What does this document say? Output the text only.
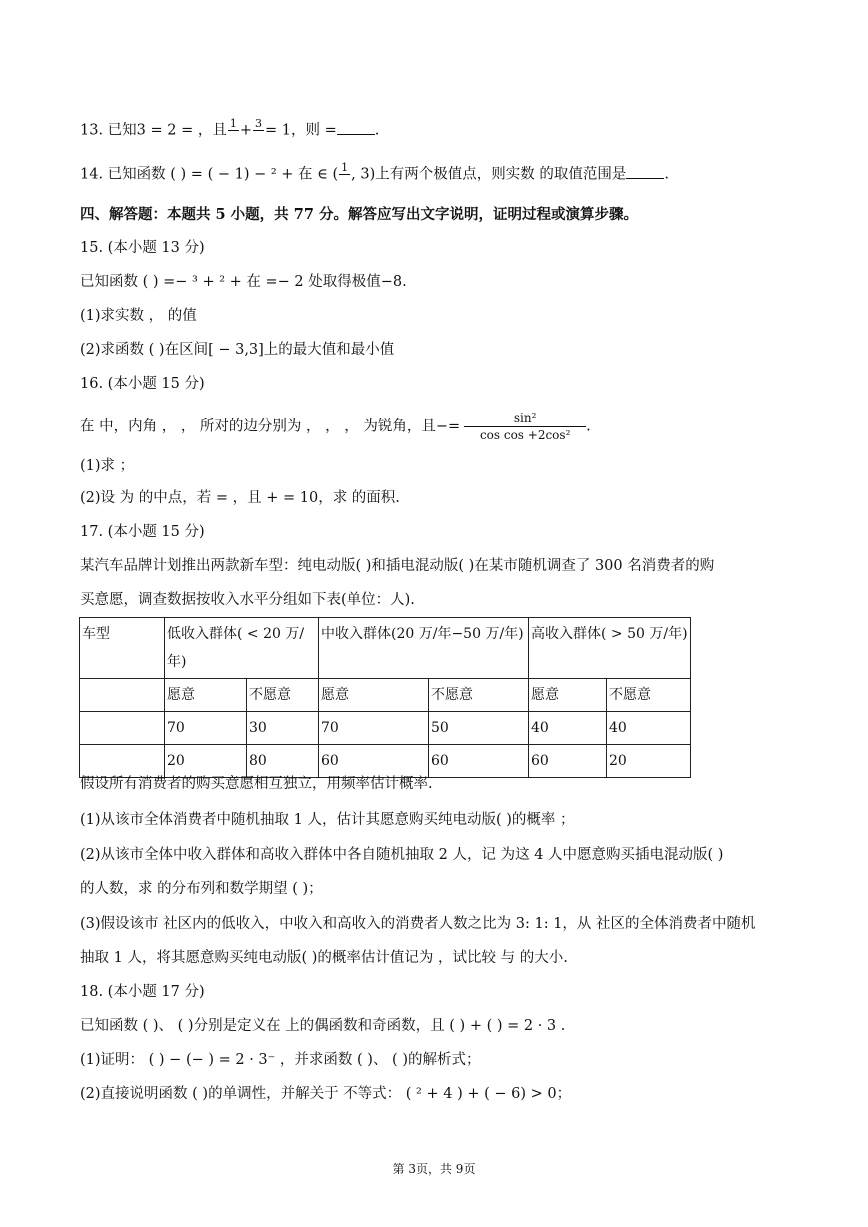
13. 已知3 = 2 = ，且 1
+ 3
= 1，则 =	.
14. 已知函数 ( ) = ( − 1) − ² + 在 ∈ ( 1
, 3)上有两个极值点，则实数 的取值范围是	.
四、解答题：本题共 5 小题，共 77 分。解答应写出文字说明，证明过程或演算步骤。
15. (本小题 13 分)
已知函数 ( ) =− ³ + ² + 在 =− 2 处取得极值−8.
(1)求实数 ， 的值
(2)求函数 ( )在区间[ − 3,3]上的最大值和最小值
16. (本小题 15 分)
在 中，内角 ， ， 所对的边分别为 ， ， ， 为锐角，且−= $\frac{\text{sin²}}{\text{cos cos +2cos²}}$ .
(1)求 ；
(2)设 为 的中点，若 = ，且 + = 10，求 的面积.
17. (本小题 15 分)
某汽车品牌计划推出两款新车型：纯电动版( )和插电混动版( )在某市随机调查了 300 名消费者的购
买意愿，调查数据按收入水平分组如下表(单位：人).
车型	低收入群体( < 20 万/年)		中收入群体(20 万/年−50 万/年)		高收入群体( > 50 万/年)	
	愿意	不愿意	愿意	不愿意	愿意	不愿意
	70	30	70	50	40	40
	20	80	60	60	60	20
假设所有消费者的购买意愿相互独立，用频率估计概率.
(1)从该市全体消费者中随机抽取 1 人，估计其愿意购买纯电动版( )的概率 ；
(2)从该市全体中收入群体和高收入群体中各自随机抽取 2 人，记 为这 4 人中愿意购买插电混动版( )
的人数，求 的分布列和数学期望 ( )；
(3)假设该市 社区内的低收入，中收入和高收入的消费者人数之比为 3: 1: 1，从 社区的全体消费者中随机
抽取 1 人，将其愿意购买纯电动版( )的概率估计值记为 ，试比较 与 的大小.
18. (本小题 17 分)
已知函数 ( )、 ( )分别是定义在 上的偶函数和奇函数，且 ( ) + ( ) = 2 · 3 .
(1)证明： ( ) − (− ) = 2 · 3⁻ ，并求函数 ( )、 ( )的解析式；
(2)直接说明函数 ( )的单调性，并解关于 不等式： ( ² + 4 ) + ( − 6) > 0；
第 3页，共 9页
